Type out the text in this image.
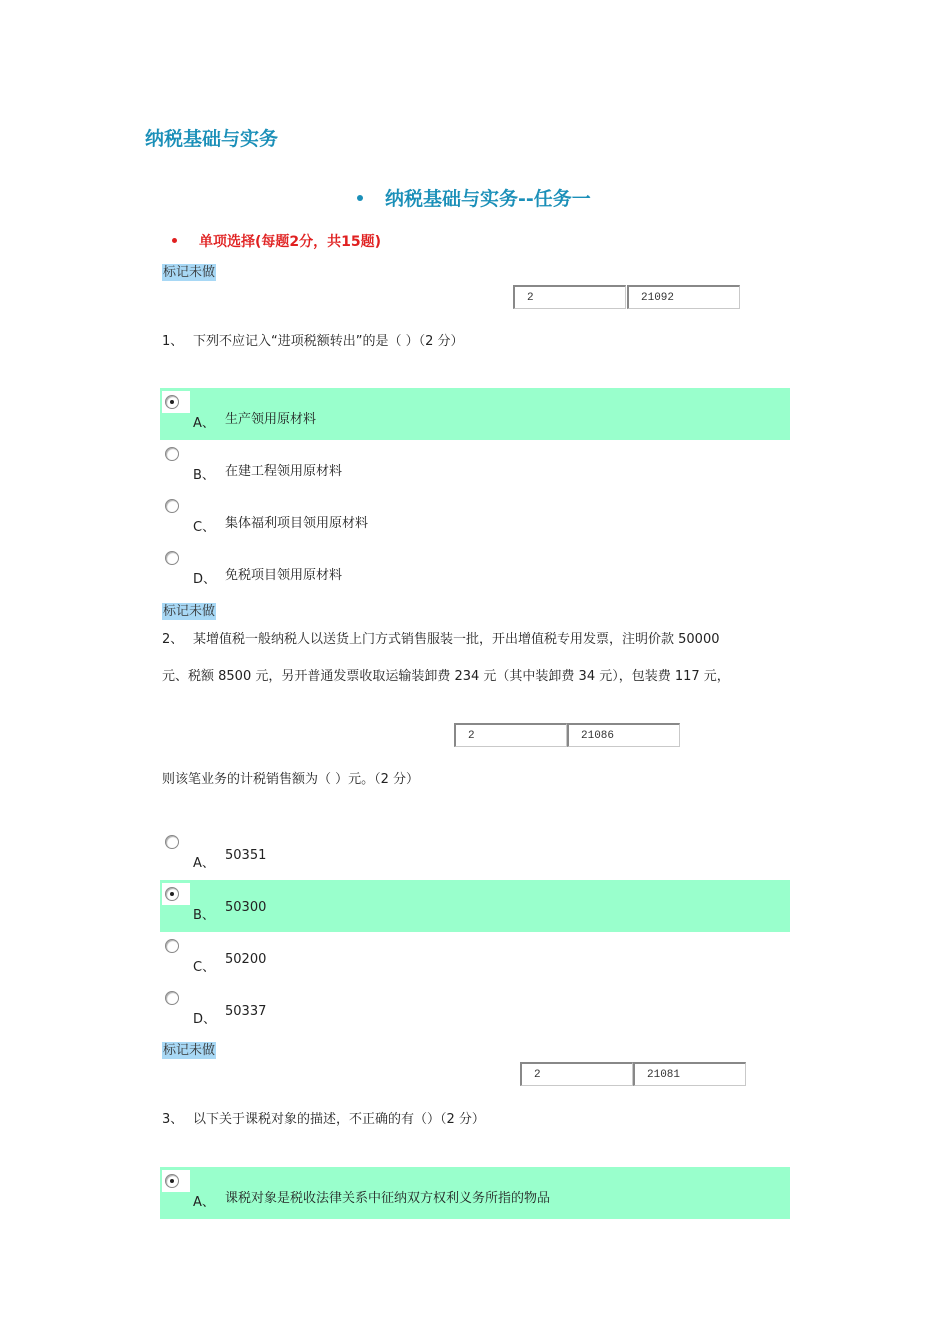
纳税基础与实务
纳税基础与实务--任务一
单项选择(每题2分，共15题)
标记未做
2	21092
1、 下列不应记入“进项税额转出”的是（ ）（2 分）
A、 生产领用原材料
B、 在建工程领用原材料
C、 集体福利项目领用原材料
D、 免税项目领用原材料
标记未做
2、 某增值税一般纳税人以送货上门方式销售服装一批，开出增值税专用发票，注明价款 50000
元、税额 8500 元，另开普通发票收取运输装卸费 234 元（其中装卸费 34 元），包装费 117 元，
2	21086
则该笔业务的计税销售额为（ ）元。（2 分）
A、
50351
B、
50300
C、
50200
D、
50337
标记未做
2	21081
3、 以下关于课税对象的描述，不正确的有（）（2 分）
A、 课税对象是税收法律关系中征纳双方权利义务所指的物品
